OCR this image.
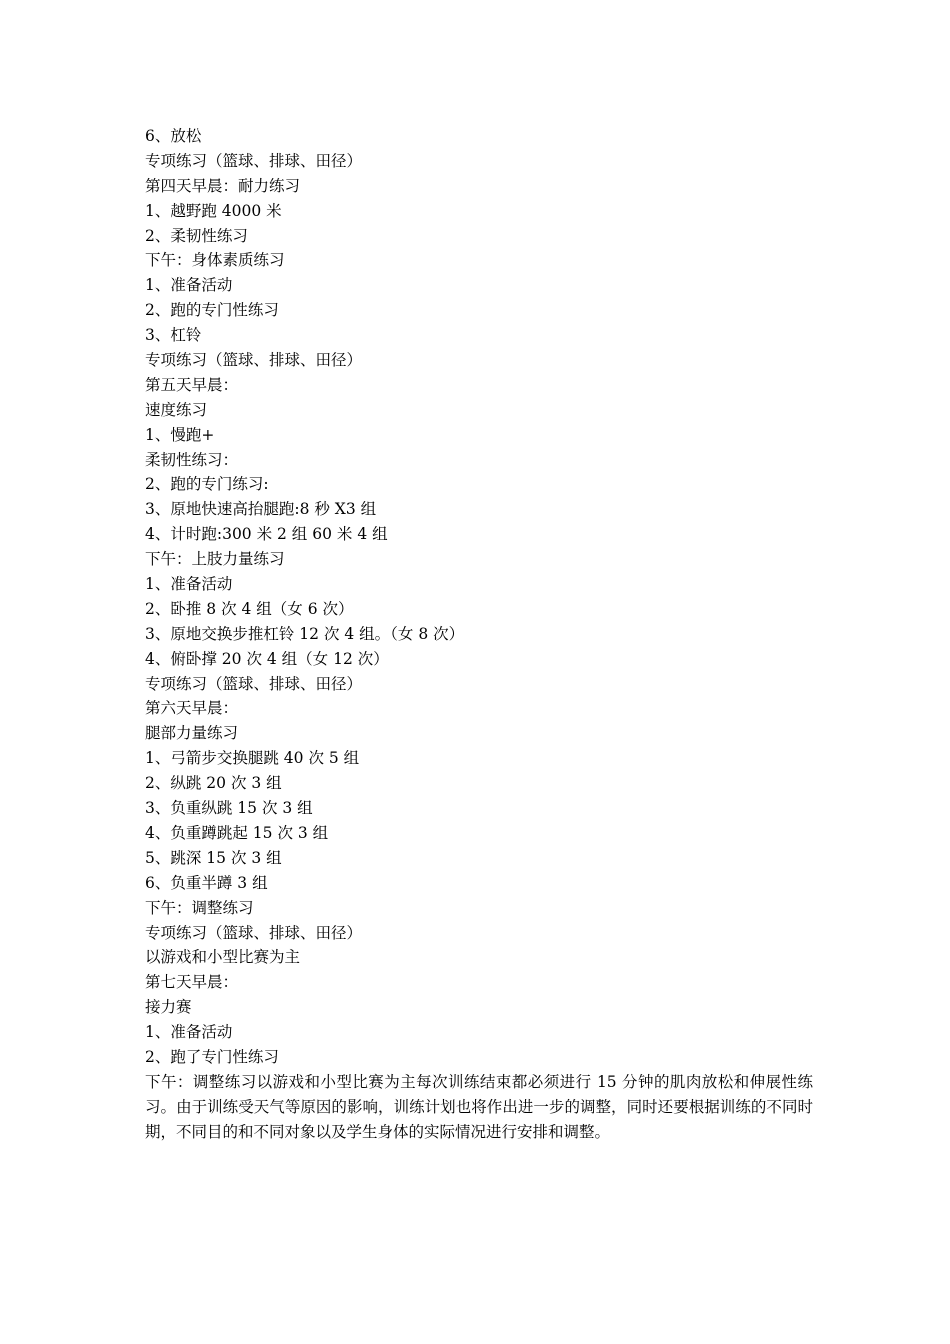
6、放松

专项练习（篮球、排球、田径）

第四天早晨：耐力练习

1、越野跑 4000 米

2、柔韧性练习

下午：身体素质练习

1、准备活动

2、跑的专门性练习

3、杠铃

专项练习（篮球、排球、田径）

第五天早晨：

速度练习

1、慢跑+

柔韧性练习：

2、跑的专门练习:

3、原地快速高抬腿跑:8 秒 X3 组

4、计时跑:300 米 2 组 60 米 4 组

下午：上肢力量练习

1、准备活动

2、卧推 8 次 4 组（女 6 次）

3、原地交换步推杠铃 12 次 4 组。（女 8 次）

4、俯卧撑 20 次 4 组（女 12 次）

专项练习（篮球、排球、田径）

第六天早晨：

腿部力量练习

1、弓箭步交换腿跳 40 次 5 组

2、纵跳 20 次 3 组

3、负重纵跳 15 次 3 组

4、负重蹲跳起 15 次 3 组

5、跳深 15 次 3 组

6、负重半蹲 3 组

下午：调整练习

专项练习（篮球、排球、田径）

以游戏和小型比赛为主

第七天早晨：

接力赛

1、准备活动

2、跑了专门性练习

下午：调整练习以游戏和小型比赛为主每次训练结束都必须进行 15 分钟的肌肉放松和伸展性练习。由于训练受天气等原因的影响，训练计划也将作出进一步的调整，同时还要根据训练的不同时期，不同目的和不同对象以及学生身体的实际情况进行安排和调整。
